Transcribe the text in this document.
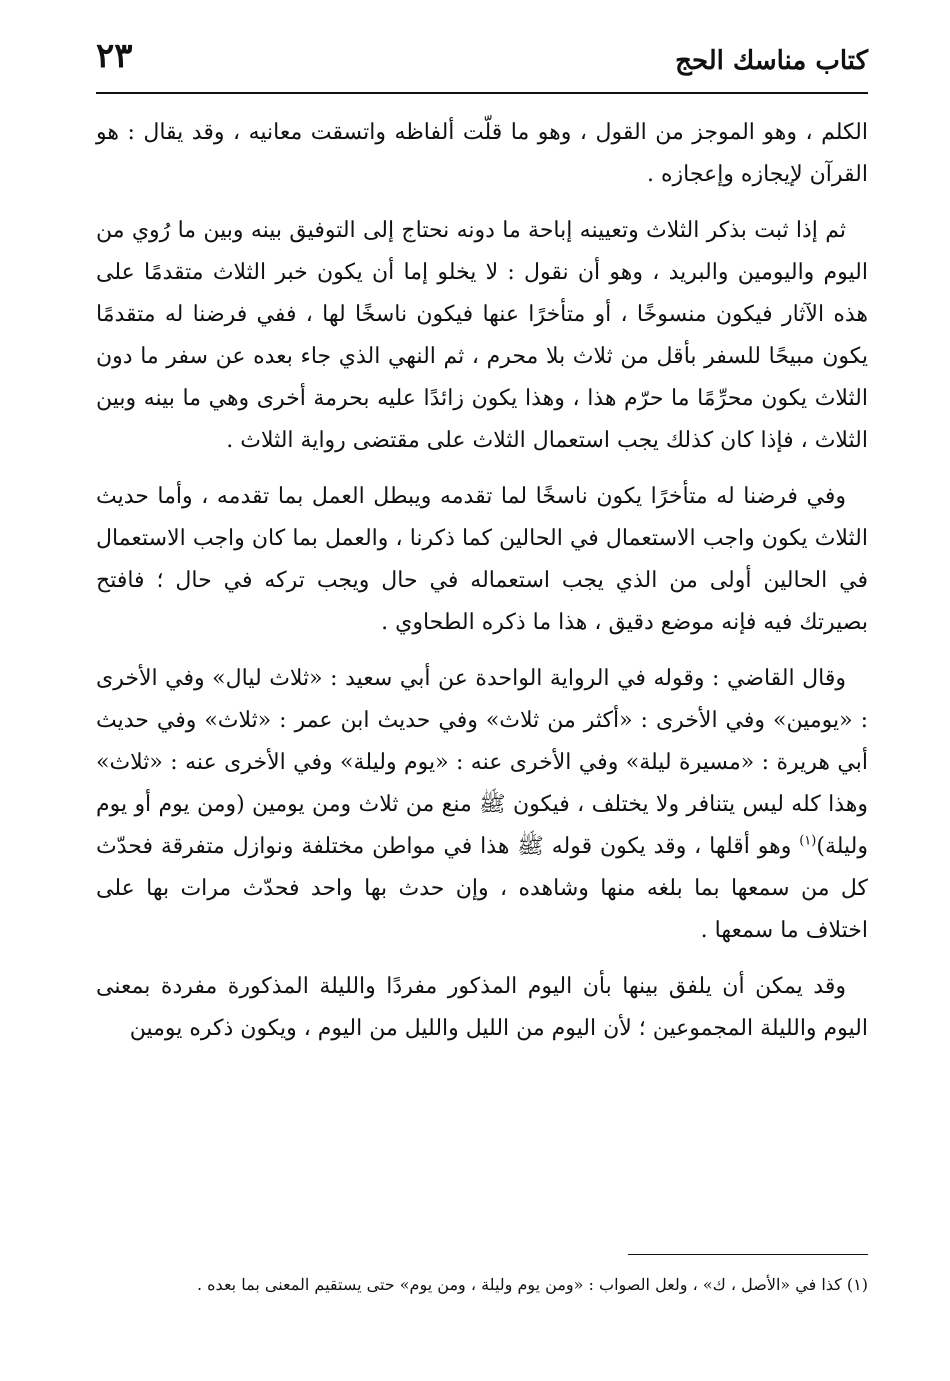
٢٣	كتاب مناسك الحج

الكلم ، وهو الموجز من القول ، وهو ما قلّت ألفاظه واتسقت معانيه ، وقد يقال : هو القرآن لإيجازه وإعجازه .

ثم إذا ثبت بذكر الثلاث وتعيينه إباحة ما دونه نحتاج إلى التوفيق بينه وبين ما رُوي من اليوم واليومين والبريد ، وهو أن نقول : لا يخلو إما أن يكون خبر الثلاث متقدمًا على هذه الآثار فيكون منسوخًا ، أو متأخرًا عنها فيكون ناسخًا لها ، ففي فرضنا له متقدمًا يكون مبيحًا للسفر بأقل من ثلاث بلا محرم ، ثم النهي الذي جاء بعده عن سفر ما دون الثلاث يكون محرِّمًا ما حرّم هذا ، وهذا يكون زائدًا عليه بحرمة أخرى وهي ما بينه وبين الثلاث ، فإذا كان كذلك يجب استعمال الثلاث على مقتضى رواية الثلاث .

وفي فرضنا له متأخرًا يكون ناسخًا لما تقدمه ويبطل العمل بما تقدمه ، وأما حديث الثلاث يكون واجب الاستعمال في الحالين كما ذكرنا ، والعمل بما كان واجب الاستعمال في الحالين أولى من الذي يجب استعماله في حال ويجب تركه في حال ؛ فافتح بصيرتك فيه فإنه موضع دقيق ، هذا ما ذكره الطحاوي .

وقال القاضي : وقوله في الرواية الواحدة عن أبي سعيد : «ثلاث ليال» وفي الأخرى : «يومين» وفي الأخرى : «أكثر من ثلاث» وفي حديث ابن عمر : «ثلاث» وفي حديث أبي هريرة : «مسيرة ليلة» وفي الأخرى عنه : «يوم وليلة» وفي الأخرى عنه : «ثلاث» وهذا كله ليس يتنافر ولا يختلف ، فيكون ﷺ منع من ثلاث ومن يومين (ومن يوم أو يوم وليلة)$^{(١)}$ وهو أقلها ، وقد يكون قوله ﷺ هذا في مواطن مختلفة ونوازل متفرقة فحدّث كل من سمعها بما بلغه منها وشاهده ، وإن حدث بها واحد فحدّث مرات بها على اختلاف ما سمعها .

وقد يمكن أن يلفق بينها بأن اليوم المذكور مفردًا والليلة المذكورة مفردة بمعنى اليوم والليلة المجموعين ؛ لأن اليوم من الليل والليل من اليوم ، ويكون ذكره يومين

(١) كذا في «الأصل ، ك» ، ولعل الصواب : «ومن يوم وليلة ، ومن يوم» حتى يستقيم المعنى بما بعده .
